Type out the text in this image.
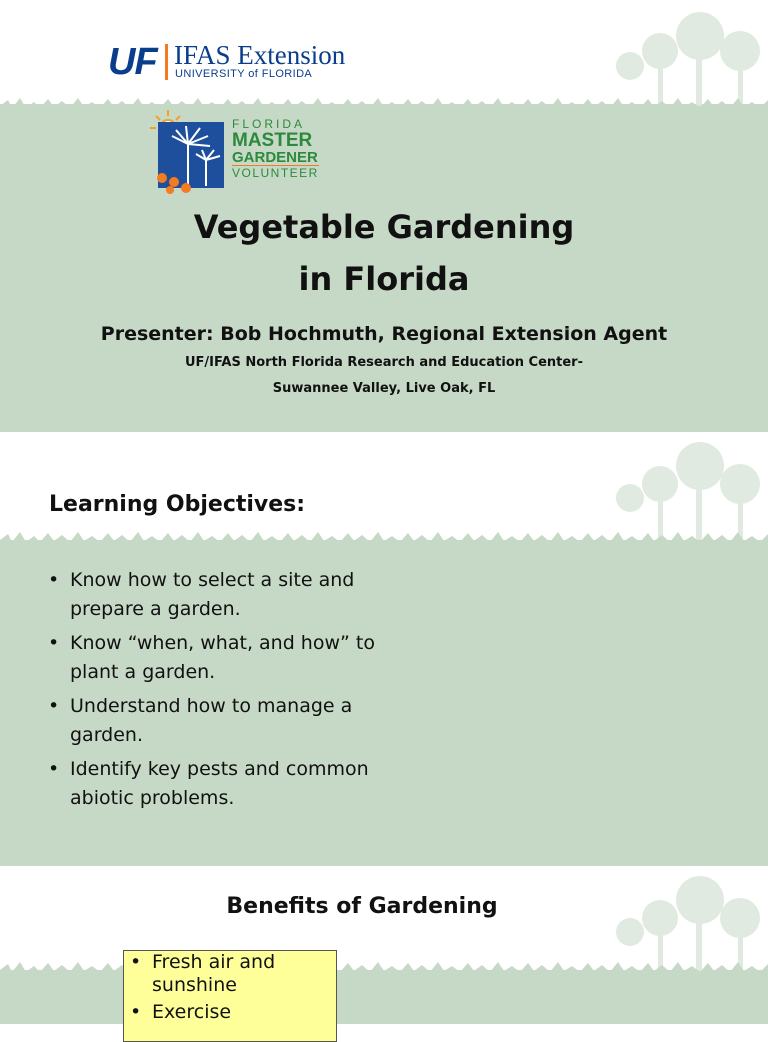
UF IFAS Extension
UNIVERSITY of FLORIDA
FLORIDA
MASTER
GARDENER
VOLUNTEER
Vegetable Gardening
in Florida
Presenter: Bob Hochmuth, Regional Extension Agent
UF/IFAS North Florida Research and Education Center-
Suwannee Valley, Live Oak, FL
Learning Objectives:
• Know how to select a site and prepare a garden.
• Know “when, what, and how” to plant a garden.
• Understand how to manage a garden.
• Identify key pests and common abiotic problems.
Benefits of Gardening
• Fresh air and sunshine
• Exercise
